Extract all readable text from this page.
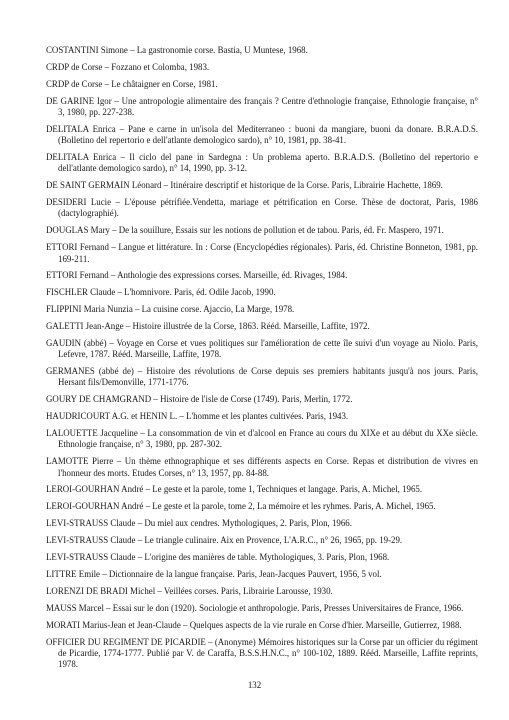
COSTANTINI Simone – La gastronomie corse. Bastia, U Muntese, 1968.
CRDP de Corse – Fozzano et Colomba, 1983.
CRDP de Corse – Le châtaigner en Corse, 1981.
DE GARINE Igor – Une antropologie alimentaire des français ? Centre d'ethnologie française, Ethnologie française, n° 3, 1980, pp. 227-238.
DELITALA Enrica – Pane e carne in un'isola del Mediterraneo : buoni da mangiare, buoni da donare. B.R.A.D.S. (Bolletino del repertorio e dell'atlante demologico sardo), n° 10, 1981, pp. 38-41.
DELITALA Enrica – Il ciclo del pane in Sardegna : Un problema aperto. B.R.A.D.S. (Bolletino del repertorio e dell'atlante demologico sardo), n° 14, 1990, pp. 3-12.
DE SAINT GERMAIN Léonard – Itinéraire descriptif et historique de la Corse. Paris, Librairie Hachette, 1869.
DESIDERI Lucie – L'épouse pétrifiée.Vendetta, mariage et pétrification en Corse. Thèse de doctorat, Paris, 1986 (dactylographié).
DOUGLAS Mary – De la souillure, Essais sur les notions de pollution et de tabou. Paris, éd. Fr. Maspero, 1971.
ETTORI Fernand – Langue et littérature. In : Corse (Encyclopédies régionales). Paris, éd. Christine Bonneton, 1981, pp. 169-211.
ETTORI Fernand – Anthologie des expressions corses. Marseille, éd. Rivages, 1984.
FISCHLER Claude – L'homnivore. Paris, éd. Odile Jacob, 1990.
FLIPPINI Maria Nunzia – La cuisine corse. Ajaccio, La Marge, 1978.
GALETTI Jean-Ange – Histoire illustrée de la Corse, 1863. Rééd. Marseille, Laffite, 1972.
GAUDIN (abbé) – Voyage en Corse et vues politiques sur l'amélioration de cette île suivi d'un voyage au Niolo. Paris, Lefevre, 1787. Rééd. Marseille, Laffite, 1978.
GERMANES (abbé de) – Histoire des révolutions de Corse depuis ses premiers habitants jusqu'à nos jours. Paris, Hersant fils/Demonville, 1771-1776.
GOURY DE CHAMGRAND – Histoire de l'isle de Corse (1749). Paris, Merlin, 1772.
HAUDRICOURT A.G. et HENIN L. – L'homme et les plantes cultivées. Paris, 1943.
LALOUETTE Jacqueline – La consommation de vin et d'alcool en France au cours du XIXe et au début du XXe siècle. Ethnologie française, n° 3, 1980, pp. 287-302.
LAMOTTE Pierre – Un thème ethnographique et ses différents aspects en Corse. Repas et distribution de vivres en l'honneur des morts. Etudes Corses, n° 13, 1957, pp. 84-88.
LEROI-GOURHAN André – Le geste et la parole, tome 1, Techniques et langage. Paris, A. Michel, 1965.
LEROI-GOURHAN André – Le geste et la parole, tome 2, La mémoire et les ryhmes. Paris, A. Michel, 1965.
LEVI-STRAUSS Claude – Du miel aux cendres. Mythologiques, 2. Paris, Plon, 1966.
LEVI-STRAUSS Claude – Le triangle culinaire. Aix en Provence, L'A.R.C., n° 26, 1965, pp. 19-29.
LEVI-STRAUSS Claude – L'origine des manières de table. Mythologiques, 3. Paris, Plon, 1968.
LITTRE Emile – Dictionnaire de la langue française. Paris, Jean-Jacques Pauvert, 1956, 5 vol.
LORENZI DE BRADI Michel – Veillées corses. Paris, Librairie Larousse, 1930.
MAUSS Marcel – Essai sur le don (1920). Sociologie et anthropologie. Paris, Presses Universitaires de France, 1966.
MORATI Marius-Jean et Jean-Claude – Quelques aspects de la vie rurale en Corse d'hier. Marseille, Gutierrez, 1988.
OFFICIER DU REGIMENT DE PICARDIE – (Anonyme) Mémoires historiques sur la Corse par un officier du régiment de Picardie, 1774-1777. Publié par V. de Caraffa, B.S.S.H.N.C., n° 100-102, 1889. Rééd. Marseille, Laffite reprints, 1978.
132
